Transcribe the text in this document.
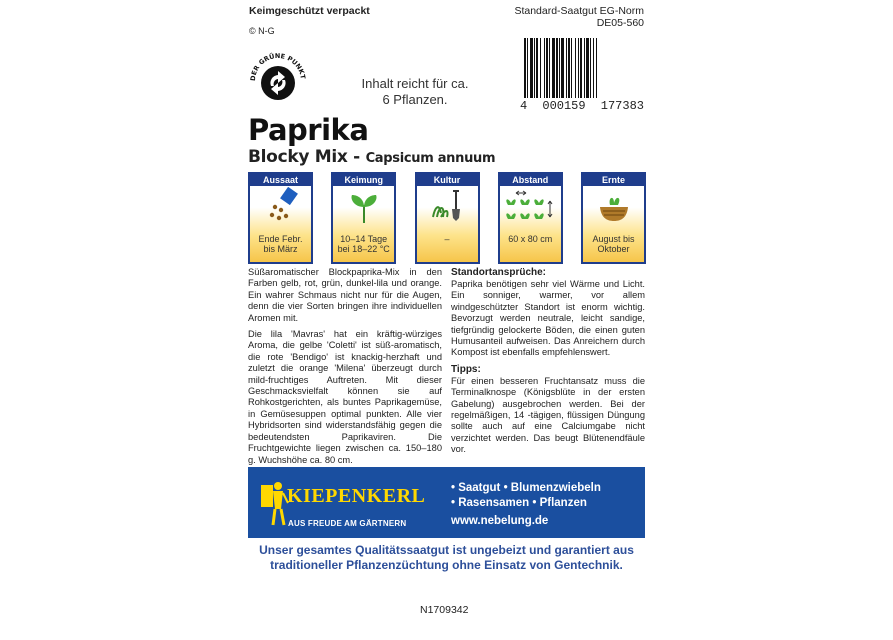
Keimgeschützt verpackt
© N-G
Standard-Saatgut EG-Norm
DE05-560
DER GRÜNE PUNKT	Inhalt reicht für ca.
6 Pflanzen.	4 000159 177383
Paprika
Blocky Mix - Capsicum annuum
Aussaat
Ende Febr. bis März
Keimung
10–14 Tage bei 18–22 °C
Kultur
–
Abstand
60 x 80 cm
Ernte
August bis Oktober

Süßaromatischer Blockpaprika-Mix in den Farben gelb, rot, grün, dunkel-lila und orange. Ein wahrer Schmaus nicht nur für die Augen, denn die vier Sorten bringen ihre individuellen Aromen mit.

Die lila 'Mavras' hat ein kräftig-würziges Aroma, die gelbe 'Coletti' ist süß-aromatisch, die rote 'Bendigo' ist knackig-herzhaft und zuletzt die orange 'Milena' überzeugt durch mild-fruchtiges Auftreten. Mit dieser Geschmacksvielfalt können sie auf Rohkostgerichten, als buntes Paprikagemüse, in Gemüsesuppen optimal punkten. Alle vier Hybridsorten sind widerstandsfähig gegen die bedeutendsten Paprikaviren. Die Fruchtgewichte liegen zwischen ca. 150–180 g. Wuchshöhe ca. 80 cm.

Standortansprüche:

Paprika benötigen sehr viel Wärme und Licht. Ein sonniger, warmer, vor allem windgeschützter Standort ist enorm wichtig. Bevorzugt werden neutrale, leicht sandige, tiefgründig gelockerte Böden, die einen guten Humusanteil aufweisen. Das Anreichern durch Kompost ist ebenfalls empfehlenswert.

Tipps:

Für einen besseren Fruchtansatz muss die Terminalknospe (Königsblüte in der ersten Gabelung) ausgebrochen werden. Bei der regelmäßigen, 14 -tägigen, flüssigen Düngung sollte auch auf eine Calciumgabe nicht verzichtet werden. Das beugt Blütenendfäule vor.

KIEPENKERL
AUS FREUDE AM GÄRTNERN
• Saatgut • Blumenzwiebeln
• Rasensamen • Pflanzen
www.nebelung.de
Unser gesamtes Qualitätssaatgut ist ungebeizt und garantiert aus
traditioneller Pflanzenzüchtung ohne Einsatz von Gentechnik.
N1709342
